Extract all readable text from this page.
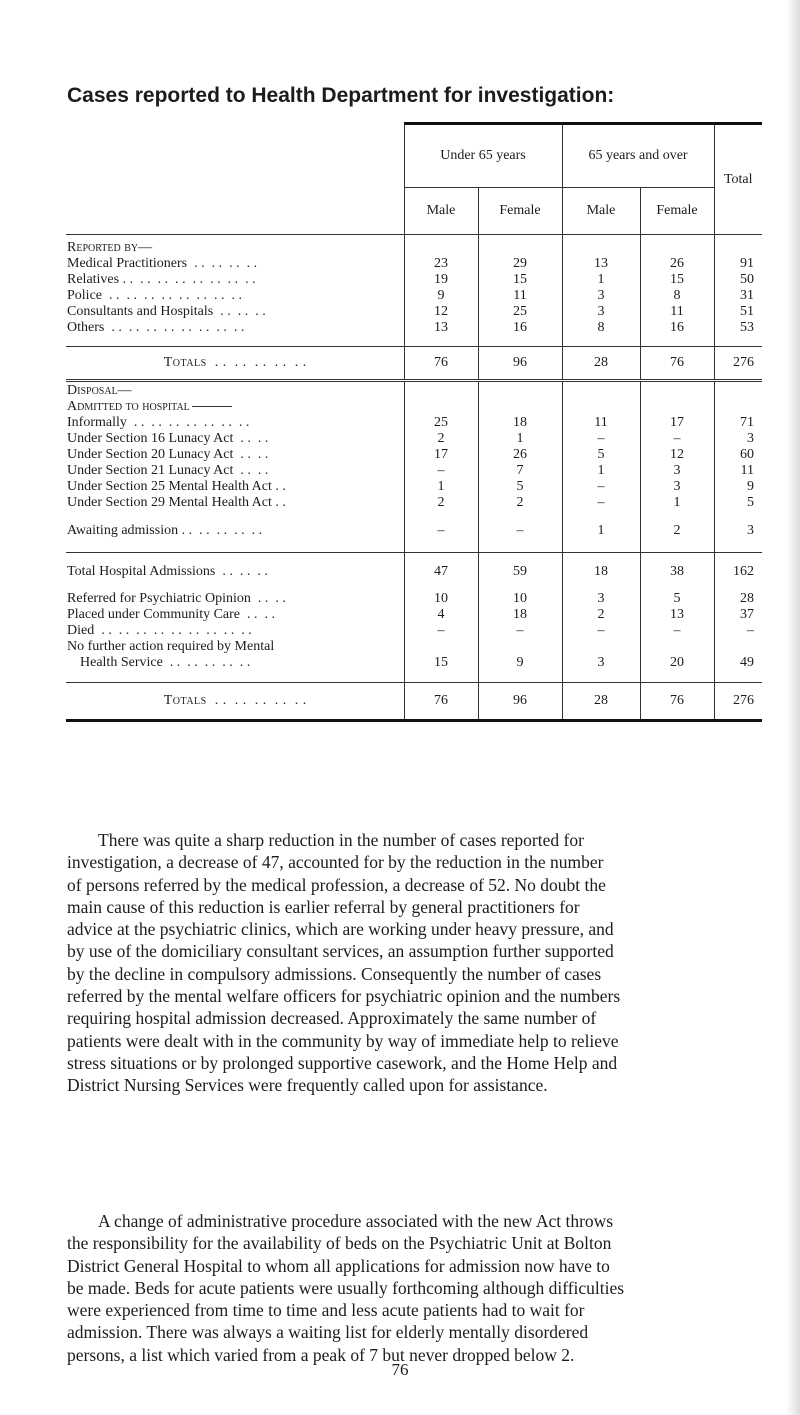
Cases reported to Health Department for investigation:
	Under 65 years		65 years and over		Total
	Male	Female	Male	Female	
Reported by—					
Medical Practitioners  . .  . .  . .  . .	23	29	13	26	91
Relatives . .  . .  . .  . .  . .  . .  . .  . .	19	15	1	15	50
Police  . .  . .  . .  . .  . .  . .  . .  . .	9	11	3	8	31
Consultants and Hospitals  . .  . .  . .	12	25	3	11	51
Others  . .  . .  . .  . .  . .  . .  . .  . .	13	16	8	16	53

Totals  . .  . .  . .  . .  . .	76	96	28	76	276
Disposal—					
Admitted to hospital					
Informally  . .  . .  . .  . .  . .  . .  . .	25	18	11	17	71
Under Section 16 Lunacy Act  . .  . .	2	1	–	–	3
Under Section 20 Lunacy Act  . .  . .	17	26	5	12	60
Under Section 21 Lunacy Act  . .  . .	–	7	1	3	11
Under Section 25 Mental Health Act . .	1	5	–	3	9
Under Section 29 Mental Health Act . .	2	2	–	1	5
Awaiting admission . .  . .  . .  . .  . .	–	–	1	2	3

Total Hospital Admissions  . .  . .  . .	47	59	18	38	162
Referred for Psychiatric Opinion  . .  . .	10	10	3	5	28
Placed under Community Care  . .  . .	4	18	2	13	37
Died  . .  . .  . .  . .  . .  . .  . .  . .  . .	–	–	–	–	–
No further action required by Mental					
Health Service  . .  . .  . .  . .  . .	15	9	3	20	49

Totals  . .  . .  . .  . .  . .	76	96	28	76	276

There was quite a sharp reduction in the number of cases reported for
investigation, a decrease of 47, accounted for by the reduction in the number
of persons referred by the medical profession, a decrease of 52. No doubt the
main cause of this reduction is earlier referral by general practitioners for
advice at the psychiatric clinics, which are working under heavy pressure, and
by use of the domiciliary consultant services, an assumption further supported
by the decline in compulsory admissions. Consequently the number of cases
referred by the mental welfare officers for psychiatric opinion and the numbers
requiring hospital admission decreased. Approximately the same number of
patients were dealt with in the community by way of immediate help to relieve
stress situations or by prolonged supportive casework, and the Home Help and
District Nursing Services were frequently called upon for assistance.

A change of administrative procedure associated with the new Act throws
the responsibility for the availability of beds on the Psychiatric Unit at Bolton
District General Hospital to whom all applications for admission now have to
be made. Beds for acute patients were usually forthcoming although difficulties
were experienced from time to time and less acute patients had to wait for
admission. There was always a waiting list for elderly mentally disordered
persons, a list which varied from a peak of 7 but never dropped below 2.

76
